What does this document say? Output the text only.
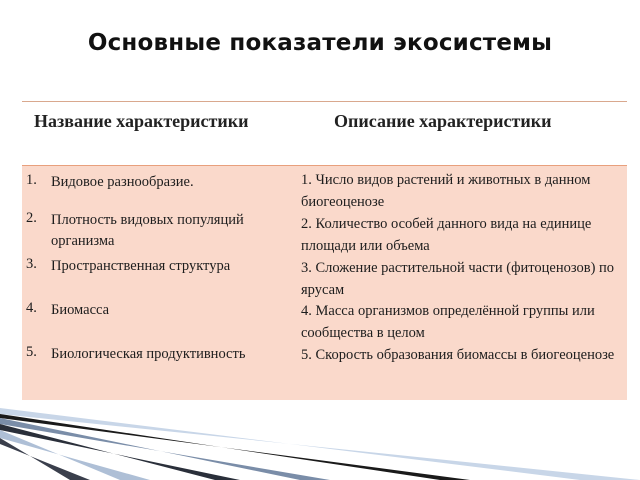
Основные показатели экосистемы
Название характеристики	Описание характеристики
1. Видовое разнообразие.
2. Плотность видовых популяций организма
3. Пространственная структура
4. Биомасса
5. Биологическая продуктивность
1. Число видов растений и животных в данном биогеоценозе
2. Количество особей данного вида на единице площади или объема
3. Сложение растительной части (фитоценозов) по ярусам
4. Масса организмов определённой группы или сообщества в целом
5. Скорость образования биомассы в биогеоценозе
